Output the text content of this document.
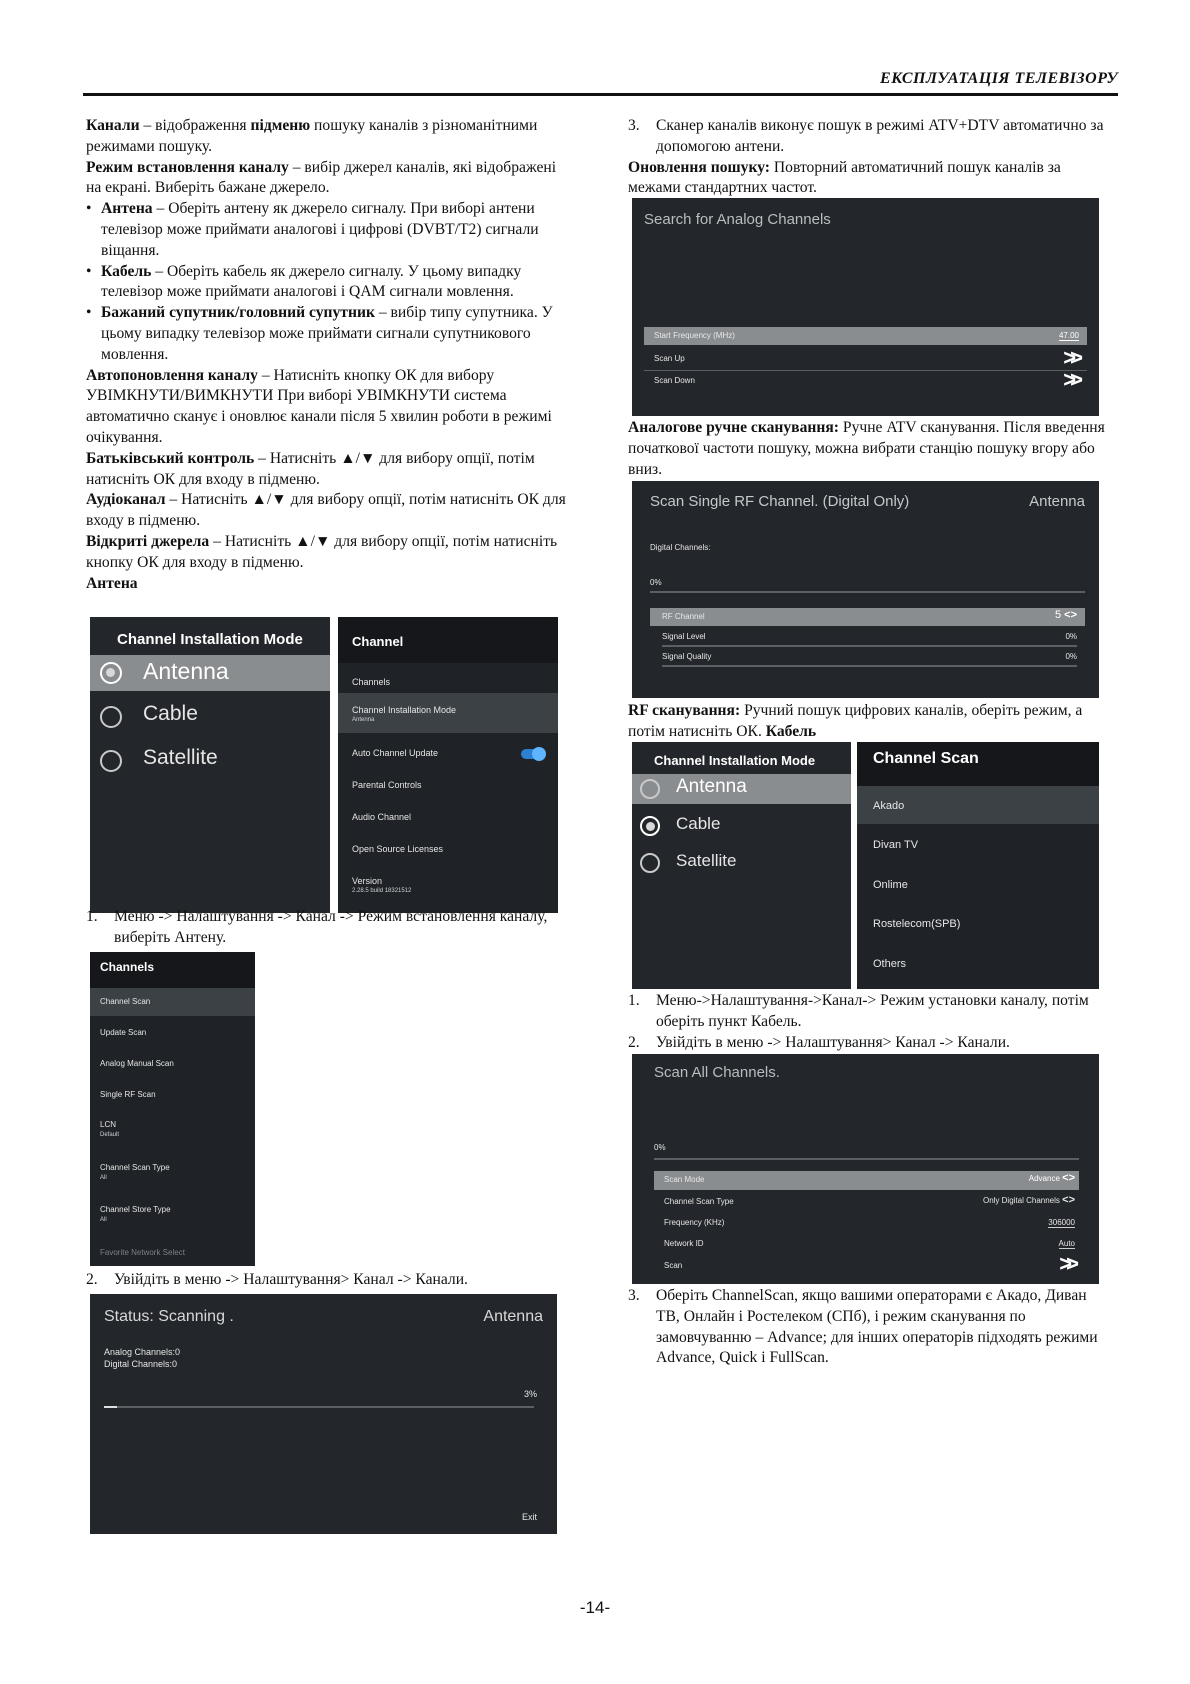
ЕКСПЛУАТАЦІЯ ТЕЛЕВІЗОРУ

Канали – відображення підменю пошуку каналів з різноманітними режимами пошуку.

Режим встановлення каналу – вибір джерел каналів, які відображені на екрані. Виберіть бажане джерело.

• Антена – Оберіть антену як джерело сигналу. При виборі антени телевізор може приймати аналогові і цифрові (DVBT/T2) сигнали віщання.

• Кабель – Оберіть кабель як джерело сигналу. У цьому випадку телевізор може приймати аналогові і QAM сигнали мовлення.

• Бажаний супутник/головний супутник – вибір типу супутника. У цьому випадку телевізор може приймати сигнали супутникового мовлення.

Автопоновлення каналу – Натисніть кнопку ОК для вибору УВІМКНУТИ/ВИМКНУТИ При виборі УВІМКНУТИ система автоматично сканує і оновлює канали після 5 хвилин роботи в режимі очікування.

Батьківський контроль – Натисніть ▲/▼ для вибору опції, потім натисніть ОК для входу в підменю.

Аудіоканал – Натисніть ▲/▼ для вибору опції, потім натисніть ОК для входу в підменю.

Відкриті джерела – Натисніть ▲/▼ для вибору опції, потім натисніть кнопку ОК для входу в підменю.

Антена

Channel Installation Mode
Antenna
Cable
Satellite
Channel
Channels
Channel Installation Mode
Antenna
Auto Channel Update
Parental Controls
Audio Channel
Open Source Licenses
Version
2.28.5 build 18321512

1. Меню -> Налаштування -> Канал -> Режим встановлення каналу, виберіть Антену.

Channels
Channel Scan
Update Scan
Analog Manual Scan
Single RF Scan
LCN
Default
Channel Scan Type
All
Channel Store Type
All
Favorite Network Select

2. Увійдіть в меню -> Налаштування> Канал -> Канали.

Status: Scanning .	Antenna
Analog Channels:0
Digital Channels:0
3%
Exit

3. Сканер каналів виконує пошук в режимі ATV+DTV автоматично за допомогою антени.

Оновлення пошуку: Повторний автоматичний пошук каналів за межами стандартних частот.

Search for Analog Channels
Start Frequency (MHz)	47.00
Scan Up	>>
Scan Down	>>

Аналогове ручне сканування: Ручне ATV сканування. Після введення початкової частоти пошуку, можна вибрати станцію пошуку вгору або вниз.

Scan Single RF Channel. (Digital Only)	Antenna
Digital Channels:
0%
RF Channel	5 <>
Signal Level	0%
Signal Quality	0%

RF сканування: Ручний пошук цифрових каналів, оберіть режим, а потім натисніть ОК. Кабель

Channel Installation Mode
Antenna
Cable
Satellite
Channel Scan
Akado
Divan TV
Onlime
Rostelecom(SPB)
Others

1. Меню->Налаштування->Канал-> Режим установки каналу, потім оберіть пункт Кабель.

2. Увійдіть в меню -> Налаштування> Канал -> Канали.

Scan All Channels.
0%
Scan Mode	Advance <>
Channel Scan Type	Only Digital Channels <>
Frequency (KHz)	306000
Network ID	Auto
Scan	>>

3. Оберіть ChannelScan, якщо вашими операторами є Акадо, Диван ТВ, Онлайн і Ростелеком (СПб), і режим сканування по замовчуванню – Advance; для інших операторів підходять режими Advance, Quick і FullScan.

-14-
